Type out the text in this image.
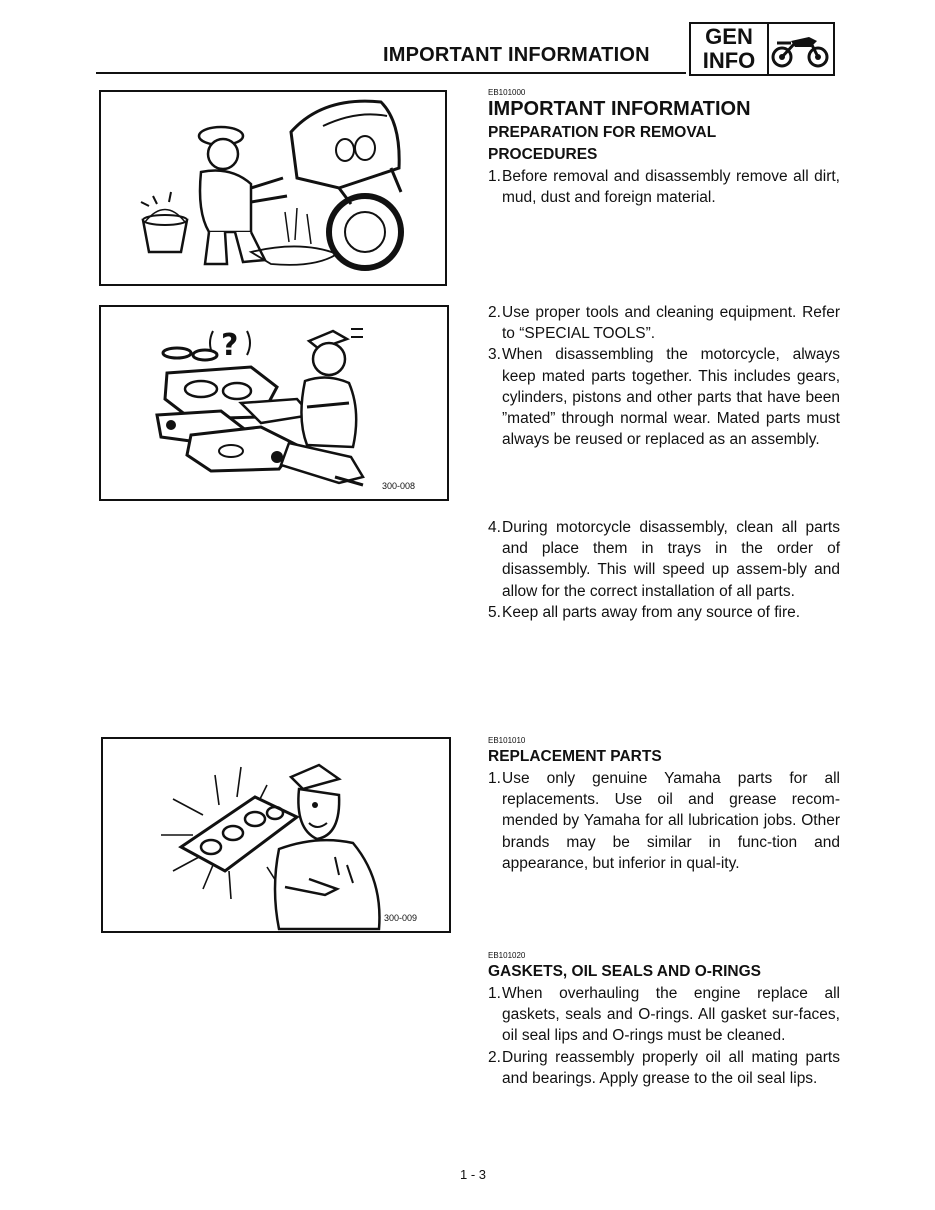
IMPORTANT INFORMATION
GEN
INFO
?
300-008
300-009
EB101000
IMPORTANT INFORMATION
PREPARATION FOR REMOVAL
PROCEDURES
1. Before removal and disassembly remove all dirt, mud, dust and foreign material.
2. Use proper tools and cleaning equipment. Refer to “SPECIAL TOOLS”.
3. When disassembling the motorcycle, always keep mated parts together. This includes gears, cylinders, pistons and other parts that have been ”mated” through normal wear. Mated parts must always be reused or replaced as an assembly.
4. During motorcycle disassembly, clean all parts and place them in trays in the order of disassembly. This will speed up assem-bly and allow for the correct installation of all parts.
5. Keep all parts away from any source of fire.
EB101010
REPLACEMENT PARTS
1. Use only genuine Yamaha parts for all replacements. Use oil and grease recom-mended by Yamaha for all lubrication jobs. Other brands may be similar in func-tion and appearance, but inferior in qual-ity.
EB101020
GASKETS, OIL SEALS AND O-RINGS
1. When overhauling the engine replace all gaskets, seals and O-rings. All gasket sur-faces, oil seal lips and O-rings must be cleaned.
2. During reassembly properly oil all mating parts and bearings. Apply grease to the oil seal lips.
1 - 3
